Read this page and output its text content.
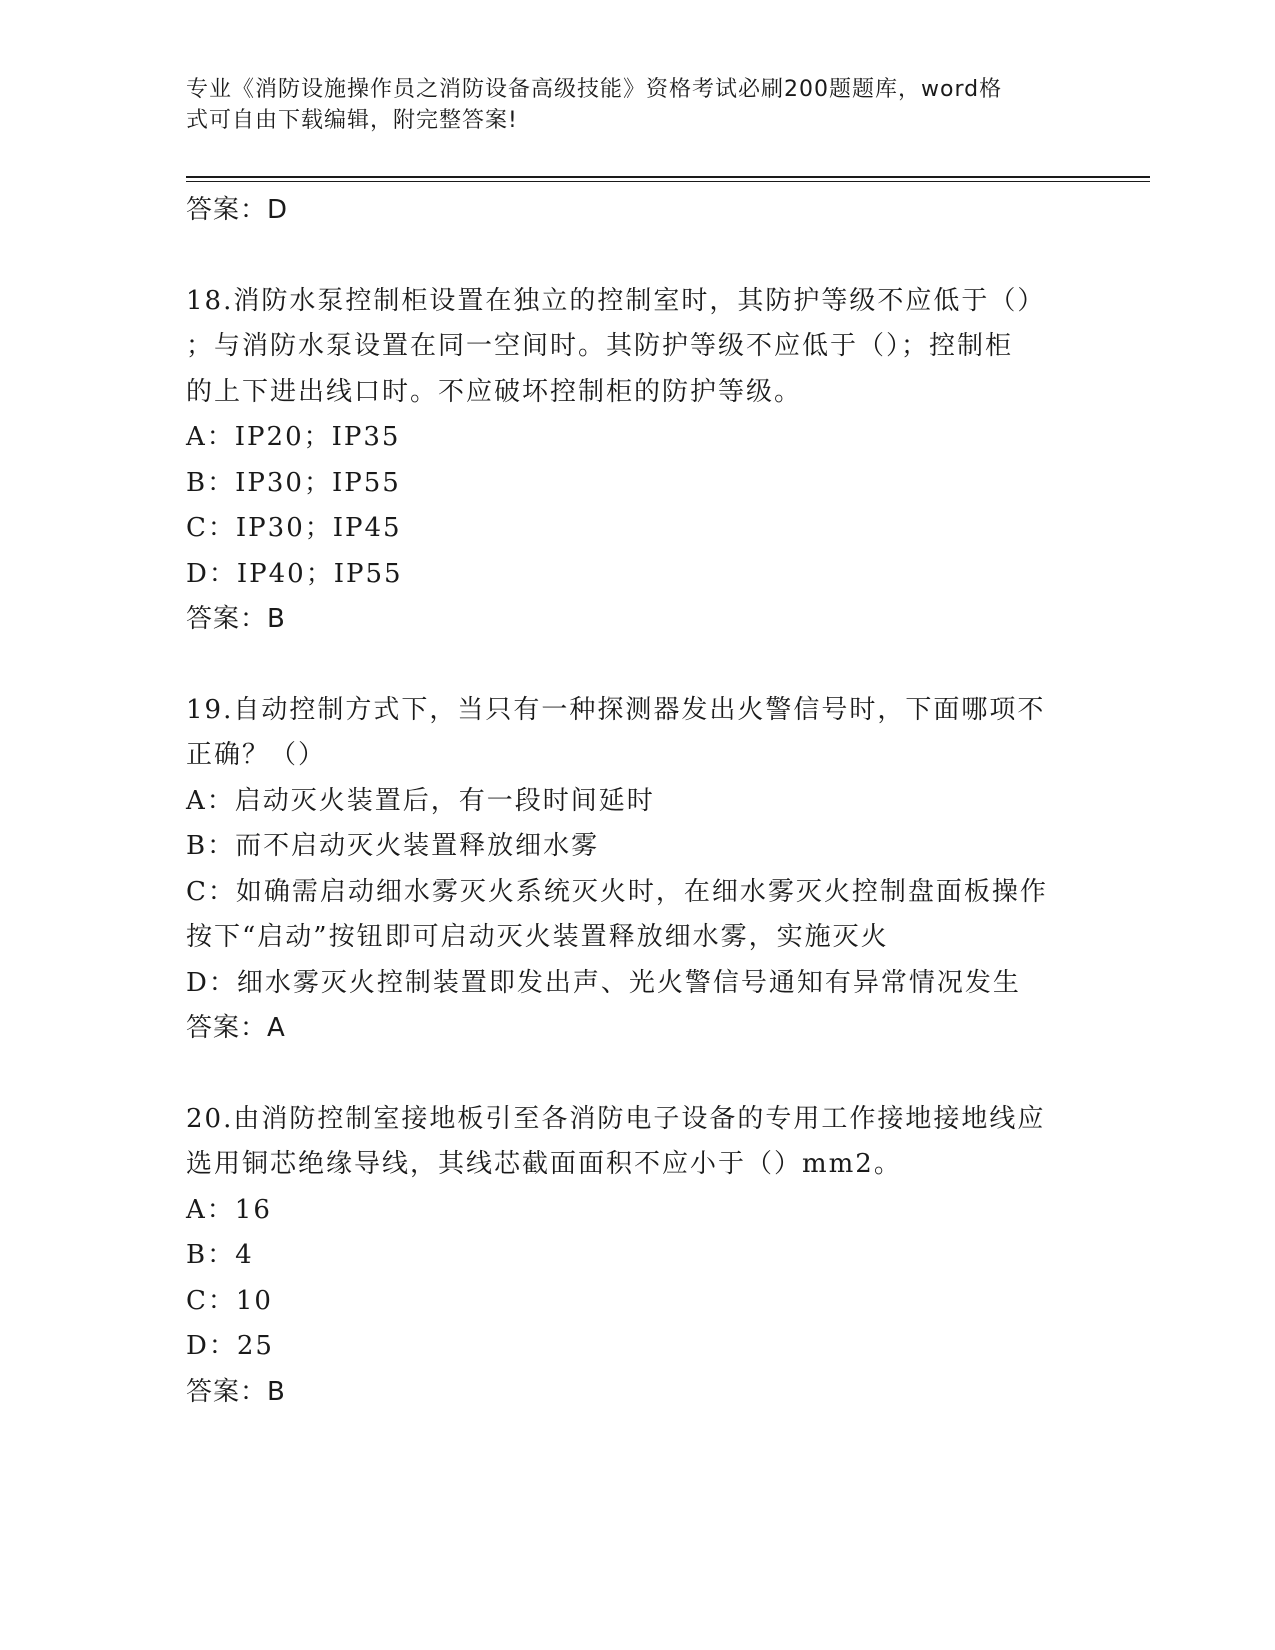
专业《消防设施操作员之消防设备高级技能》资格考试必刷200题题库，word格
式可自由下载编辑，附完整答案!
答案：D
18.消防水泵控制柜设置在独立的控制室时，其防护等级不应低于（）
；与消防水泵设置在同一空间时。其防护等级不应低于（）；控制柜
的上下进出线口时。不应破坏控制柜的防护等级。
A：IP20；IP35
B：IP30；IP55
C：IP30；IP45
D：IP40；IP55
答案：B
19.自动控制方式下，当只有一种探测器发出火警信号时，下面哪项不
正确？（）
A：启动灭火装置后，有一段时间延时
B：而不启动灭火装置释放细水雾
C：如确需启动细水雾灭火系统灭火时，在细水雾灭火控制盘面板操作
按下“启动”按钮即可启动灭火装置释放细水雾，实施灭火
D：细水雾灭火控制装置即发出声、光火警信号通知有异常情况发生
答案：A
20.由消防控制室接地板引至各消防电子设备的专用工作接地接地线应
选用铜芯绝缘导线，其线芯截面面积不应小于（）mm2。
A：16
B：4
C：10
D：25
答案：B
